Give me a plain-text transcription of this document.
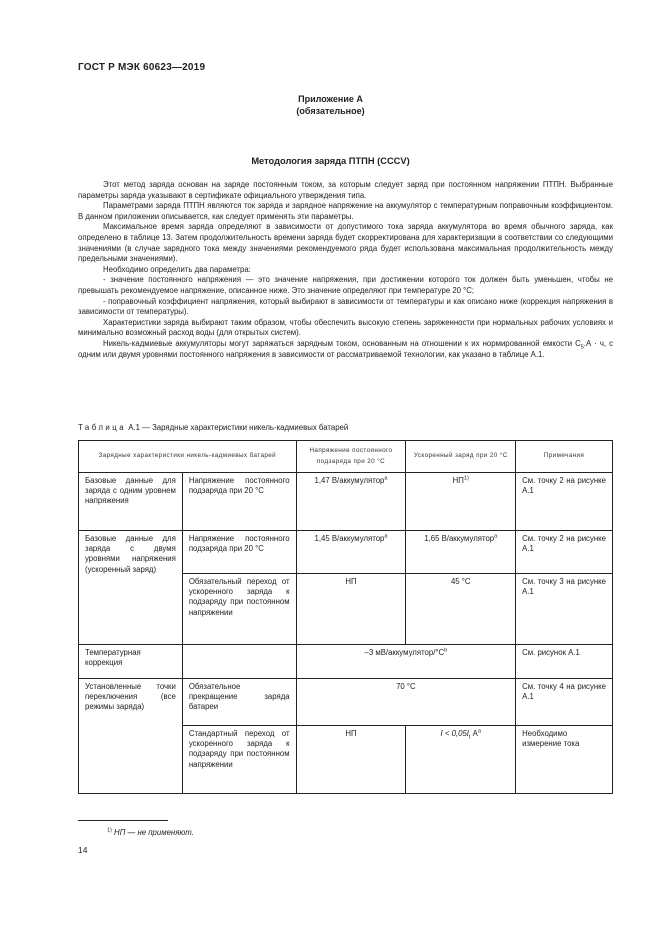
ГОСТ Р МЭК 60623—2019
Приложение А
(обязательное)
Методология заряда ПТПН (CCCV)

Этот метод заряда основан на заряде постоянным током, за которым следует заряд при постоянном напряжении ПТПН. Выбранные параметры заряда указывают в сертификате официального утверждения типа.

Параметрами заряда ПТПН являются ток заряда и зарядное напряжение на аккумулятор с температурным поправочным коэффициентом. В данном приложении описывается, как следует применять эти параметры.

Максимальное время заряда определяют в зависимости от допустимого тока заряда аккумулятора во время обычного заряда, как определено в таблице 13. Затем продолжительность времени заряда будет скорректирована для характеризации в соответствии со следующими значениями (в случае зарядного тока между значениями рекомендуемого ряда будет использована максимальная продолжительность между предельными значениями).

Необходимо определить два параметра:

- значение постоянного напряжения — это значение напряжения, при достижении которого ток должен быть уменьшен, чтобы не превышать рекомендуемое напряжение, описанное ниже. Это значение определяют при температуре 20 °С;

- поправочный коэффициент напряжения, который выбирают в зависимости от температуры и как описано ниже (коррекция напряжения в зависимости от температуры).

Характеристики заряда выбирают таким образом, чтобы обеспечить высокую степень заряженности при нормальных рабочих условиях и минимально возможный расход воды (для открытых систем).

Никель-кадмиевые аккумуляторы могут заряжаться зарядным током, основанным на отношении к их нормированной емкости $C_5.А \cdot ч$, с одним или двумя уровнями постоянного напряжения в зависимости от рассматриваемой технологии, как указано в таблице А.1.

Таблица А.1 — Зарядные характеристики никель-кадмиевых батарей
Зарядные характеристики никель-кадмиевых батарей		Напряжение постоянного подзаряда при 20 °С	Ускоренный заряд при 20 °С	Примечания
Базовые данные для заряда с одним уровнем напряжения	Напряжение постоянного подзаряда при 20 °С	1,47 В/аккумулятор$^а$	НП$^{1)}$	См. точку 2 на рисунке А.1
Базовые данные для заряда с двумя уровнями напряжения (ускоренный заряд)	Напряжение постоянного подзаряда при 20 °С	1,45 В/аккумулятор$^а$	1,65 В/аккумулятор$^а$	См. точку 2 на рисунке А.1
	Обязательный переход от ускоренного заряда к подзаряду при постоянном напряжении	НП	45 °С	См. точку 3 на рисунке А.1
Температурная коррекция		–3 $мВ/аккумулятор/^\circ С^b$		См. рисунок А.1
Установленные точки переключения (все режимы заряда)	Обязательное прекращение заряда батареи	70 °С		См. точку 4 на рисунке А.1
	Стандартный переход от ускоренного заряда к подзаряду при постоянном напряжении	НП	$I < 0,05I_t$ $А^а$	Необходимо измерение тока
$^{1)}$ НП — не применяют.
14
